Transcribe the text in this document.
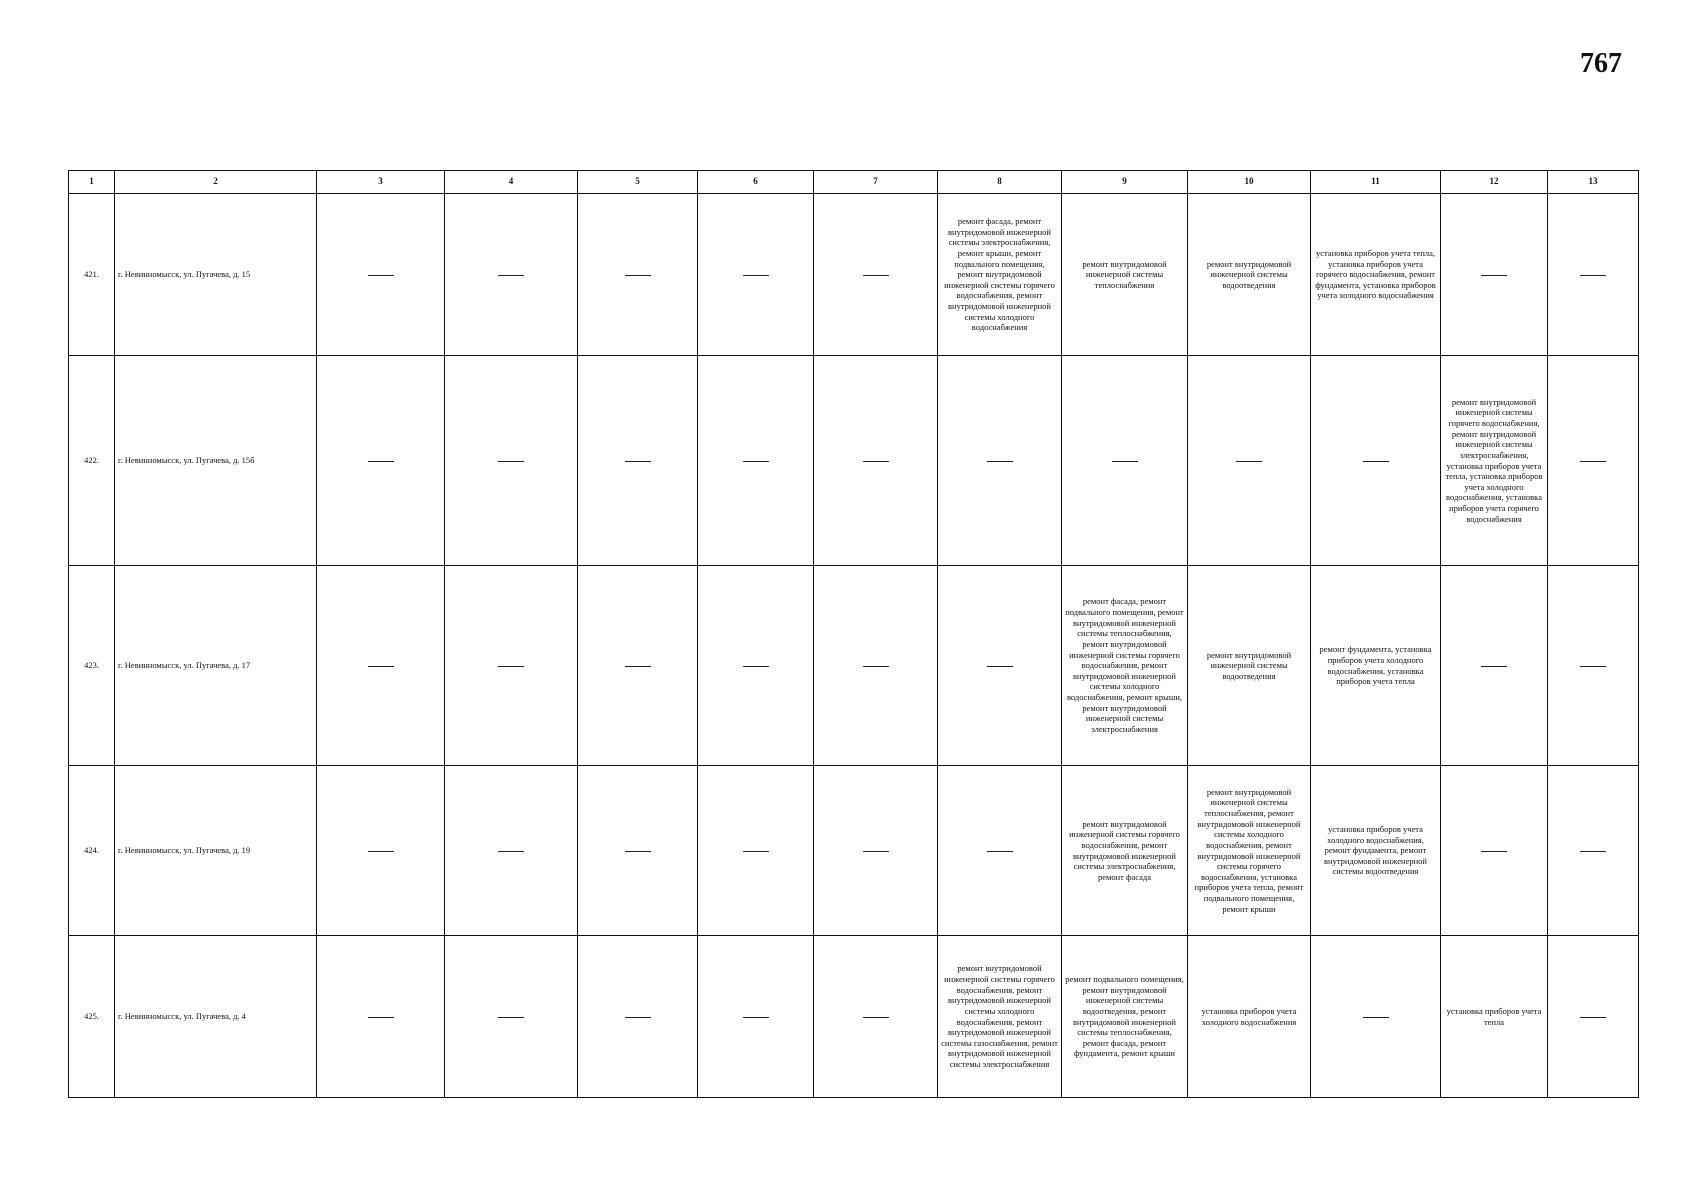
767
1	2	3	4	5	6	7	8	9	10	11	12	13
421.	г. Невинномысск, ул. Пугачева, д. 15						ремонт фасада, ремонт внутридомовой инженерной системы электроснабжения, ремонт крыши, ремонт подвального помещения, ремонт внутридомовой инженерной системы горячего водоснабжения, ремонт внутридомовой инженерной системы холодного водоснабжения	ремонт внутридомовой инженерной системы теплоснабжения	ремонт внутридомовой инженерной системы водоотведения	установка приборов учета тепла, установка приборов учета горячего водоснабжения, ремонт фундамента, установка приборов учета холодного водоснабжения		

422.	г. Невинномысск, ул. Пугачева, д. 15б										ремонт внутридомовой инженерной системы горячего водоснабжения, ремонт внутридомовой инженерной системы электроснабжения, установка приборов учета тепла, установка приборов учета холодного водоснабжения, установка приборов учета горячего водоснабжения	

423.	г. Невинномысск, ул. Пугачева, д. 17							ремонт фасада, ремонт подвального помещения, ремонт внутридомовой инженерной системы теплоснабжения, ремонт внутридомовой инженерной системы горячего водоснабжения, ремонт внутридомовой инженерной системы холодного водоснабжения, ремонт крыши, ремонт внутридомовой инженерной системы электроснабжения	ремонт внутридомовой инженерной системы водоотведения	ремонт фундамента, установка приборов учета холодного водоснабжения, установка приборов учета тепла		

424.	г. Невинномысск, ул. Пугачева, д. 19							ремонт внутридомовой инженерной системы горячего водоснабжения, ремонт внутридомовой инженерной системы электроснабжения, ремонт фасада	ремонт внутридомовой инженерной системы теплоснабжения, ремонт внутридомовой инженерной системы холодного водоснабжения, ремонт внутридомовой инженерной системы горячего водоснабжения, установка приборов учета тепла, ремонт подвального помещения, ремонт крыши	установка приборов учета холодного водоснабжения, ремонт фундамента, ремонт внутридомовой инженерной системы водоотведения		

425.	г. Невинномысск, ул. Пугачева, д. 4						ремонт внутридомовой инженерной системы горячего водоснабжения, ремонт внутридомовой инженерной системы холодного водоснабжения, ремонт внутридомовой инженерной системы газоснабжения, ремонт внутридомовой инженерной системы электроснабжения	ремонт подвального помещения, ремонт внутридомовой инженерной системы водоотведения, ремонт внутридомовой инженерной системы теплоснабжения, ремонт фасада, ремонт фундамента, ремонт крыши	установка приборов учета холодного водоснабжения		установка приборов учета тепла	
